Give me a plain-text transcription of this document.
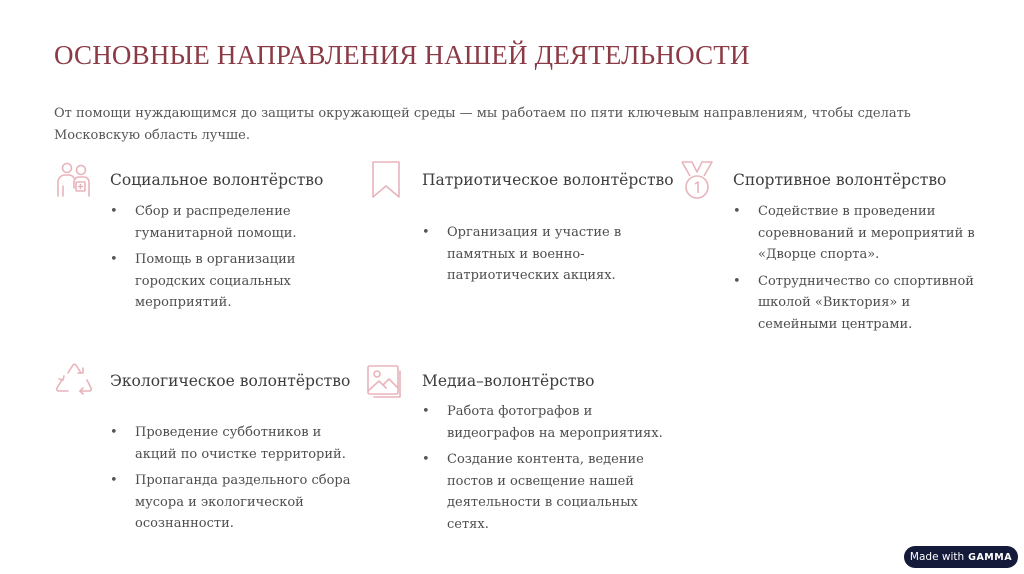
ОСНОВНЫЕ НАПРАВЛЕНИЯ НАШЕЙ ДЕЯТЕЛЬНОСТИ

От помощи нуждающимся до защиты окружающей среды — мы работаем по пяти ключевым направлениям, чтобы сделать Московскую область лучше.

Социальное волонтёрство
• Сбор и распределение гуманитарной помощи.
• Помощь в организации городских социальных мероприятий.
Патриотическое волонтёрство
• Организация и участие в памятных и военно-патриотических акциях.
Спортивное волонтёрство
• Содействие в проведении соревнований и мероприятий в «Дворце спорта».
• Сотрудничество со спортивной школой «Виктория» и семейными центрами.
Экологическое волонтёрство
• Проведение субботников и акций по очистке территорий.
• Пропаганда раздельного сбора мусора и экологической осознанности.
Медиа–волонтёрство
• Работа фотографов и видеографов на мероприятиях.
• Создание контента, ведение постов и освещение нашей деятельности в социальных сетях.
Made with GAMMA
